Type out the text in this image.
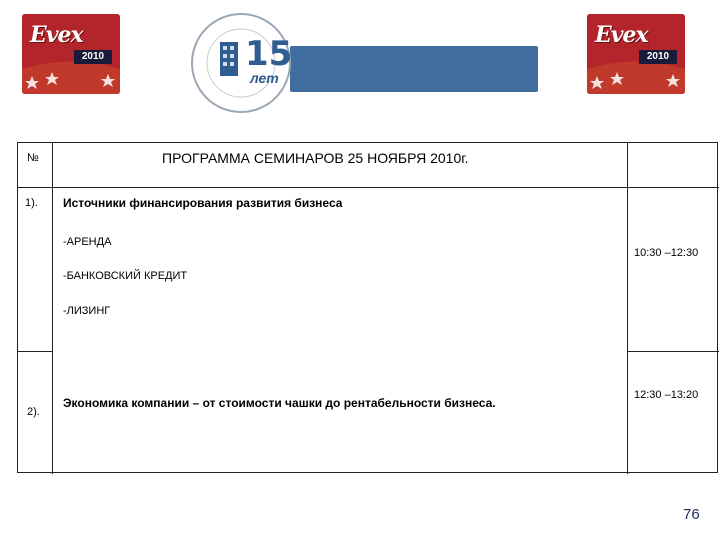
Evex
2010	15
лет
Evex
2010
№	ПРОГРАММА СЕМИНАРОВ 25 НОЯБРЯ 2010г.
1). Источники финансирования развития бизнеса
-АРЕНДА
-БАНКОВСКИЙ КРЕДИТ
-ЛИЗИНГ
10:30 –12:30
2).
Экономика компании – от стоимости чашки до рентабельности бизнеса.
12:30 –13:20
76
